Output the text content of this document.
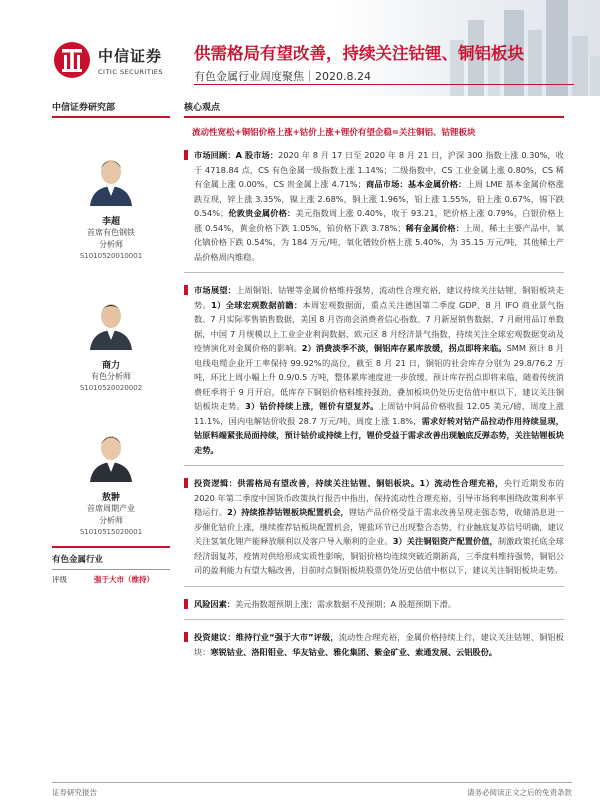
中信证券
CITIC SECURITIES
供需格局有望改善，持续关注钴锂、铜铝板块
有色金属行业周度聚焦｜2020.8.24
中信证券研究部
李超
首席有色钢铁
分析师
S1010520010001
商力
有色分析师
S1010520020002
敖翀
首席周期产业
分析师
S1010515020001
有色金属行业
评级	强于大市（维持）
核心观点
流动性宽松+铜铝价格上涨+钴价上涨+锂价有望企稳=关注铜铝、钴锂板块
市场回顾：A 股市场：2020 年 8 月 17 日至 2020 年 8 月 21 日，沪深 300 指数上涨 0.30%，收于 4718.84 点，CS 有色金属一级指数上涨 1.14%；二级指数中，CS 工业金属上涨 0.80%，CS 稀有金属上涨 0.00%，CS 贵金属上涨 4.71%；商品市场：基本金属价格：上周 LME 基本金属价格涨跌互现，锌上涨 3.35%，镍上涨 2.68%，铜上涨 1.96%，铝上涨 1.55%，铅上涨 0.67%，锡下跌 0.54%；伦敦贵金属价格：美元指数周上涨 0.40%，收于 93.21，钯价格上涨 0.79%，白银价格上涨 0.54%，黄金价格下跌 1.05%，铂价格下跌 3.78%；稀有金属价格：上周，稀土主要产品中，氧化镝价格下跌 0.54%，为 184 万元/吨，氧化镨钕价格上涨 5.40%，为 35.15 万元/吨，其他稀土产品价格周内维稳。
市场展望：上周铜铝、钴锂等金属价格维持强势，流动性合理充裕，建议持续关注钴锂、铜铝板块走势。1）全球宏观数据前瞻：本周宏观数据面，重点关注德国第二季度 GDP、8 月 IFO 商业景气指数、7 月实际零售销售数据，美国 8 月咨商会消费者信心指数、7 月新屋销售数据、7 月耐用品订单数据，中国 7 月规模以上工业企业利润数据，欧元区 8 月经济景气指数，持续关注全球宏观数据变动及疫情演化对金属价格的影响。2）消费淡季不淡，铜铝库存累库放缓，拐点即将来临。SMM 预计 8 月电线电缆企业开工率保持 99.92%的高位，截至 8 月 21 日，铜铝的社会库存分别为 29.8/76.2 万吨，环比上周小幅上升 0.9/0.5 万吨，整体累库速度进一步放缓，预计库存拐点即将来临，随着传统消费旺季将于 9 月开启，低库存下铜铝价格料维持强劲，叠加板块仍处历史估值中枢以下，建议关注铜铝板块走势。3）钴价持续上涨，锂价有望复苏。上周钴中间品价格收报 12.05 美元/磅，周度上涨 11.1%，国内电解钴价收报 28.7 万元/吨，周度上涨 1.8%，需求好转对钴产品拉动作用持续显现，钴原料端紧张局面持续，预计钴价或持续上行，锂价受益于需求改善出现触底反弹态势，关注钴锂板块走势。
投资逻辑：供需格局有望改善，持续关注钴锂、铜铝板块。1）流动性合理充裕，央行近期发布的 2020 年第二季度中国货币政策执行报告中指出，保持流动性合理充裕，引导市场利率围绕政策利率平稳运行。2）持续推荐钴锂板块配置机会，锂钴产品价格受益于需求改善呈现走强态势，收储消息进一步催化钴价上涨，继续推荐钴板块配置机会，锂盐环节已出现整合态势，行业触底复苏信号明确，建议关注氢氧化锂产能释放顺利以及客户导入顺利的企业。3）关注铜铝资产配置价值，制激政策托底全球经济弱复苏，疫情对供给形成实质性影响，铜铝价格均连续突破近期新高，三季度料维持强势，铜铝公司的盈利能力有望大幅改善，目前时点铜铝板块股票仍处历史估值中枢以下，建议关注铜铝板块走势。
风险因素：美元指数超预期上涨；需求数据不及预期；A 股超预期下滑。
投资建议：维持行业“强于大市”评级，流动性合理充裕，金属价格持续上行，建议关注钴锂、铜铝板块：寒锐钴业、洛阳钼业、华友钴业、雅化集团、紫金矿业、索通发展、云铝股份。
证券研究报告	请务必阅读正文之后的免责条款
